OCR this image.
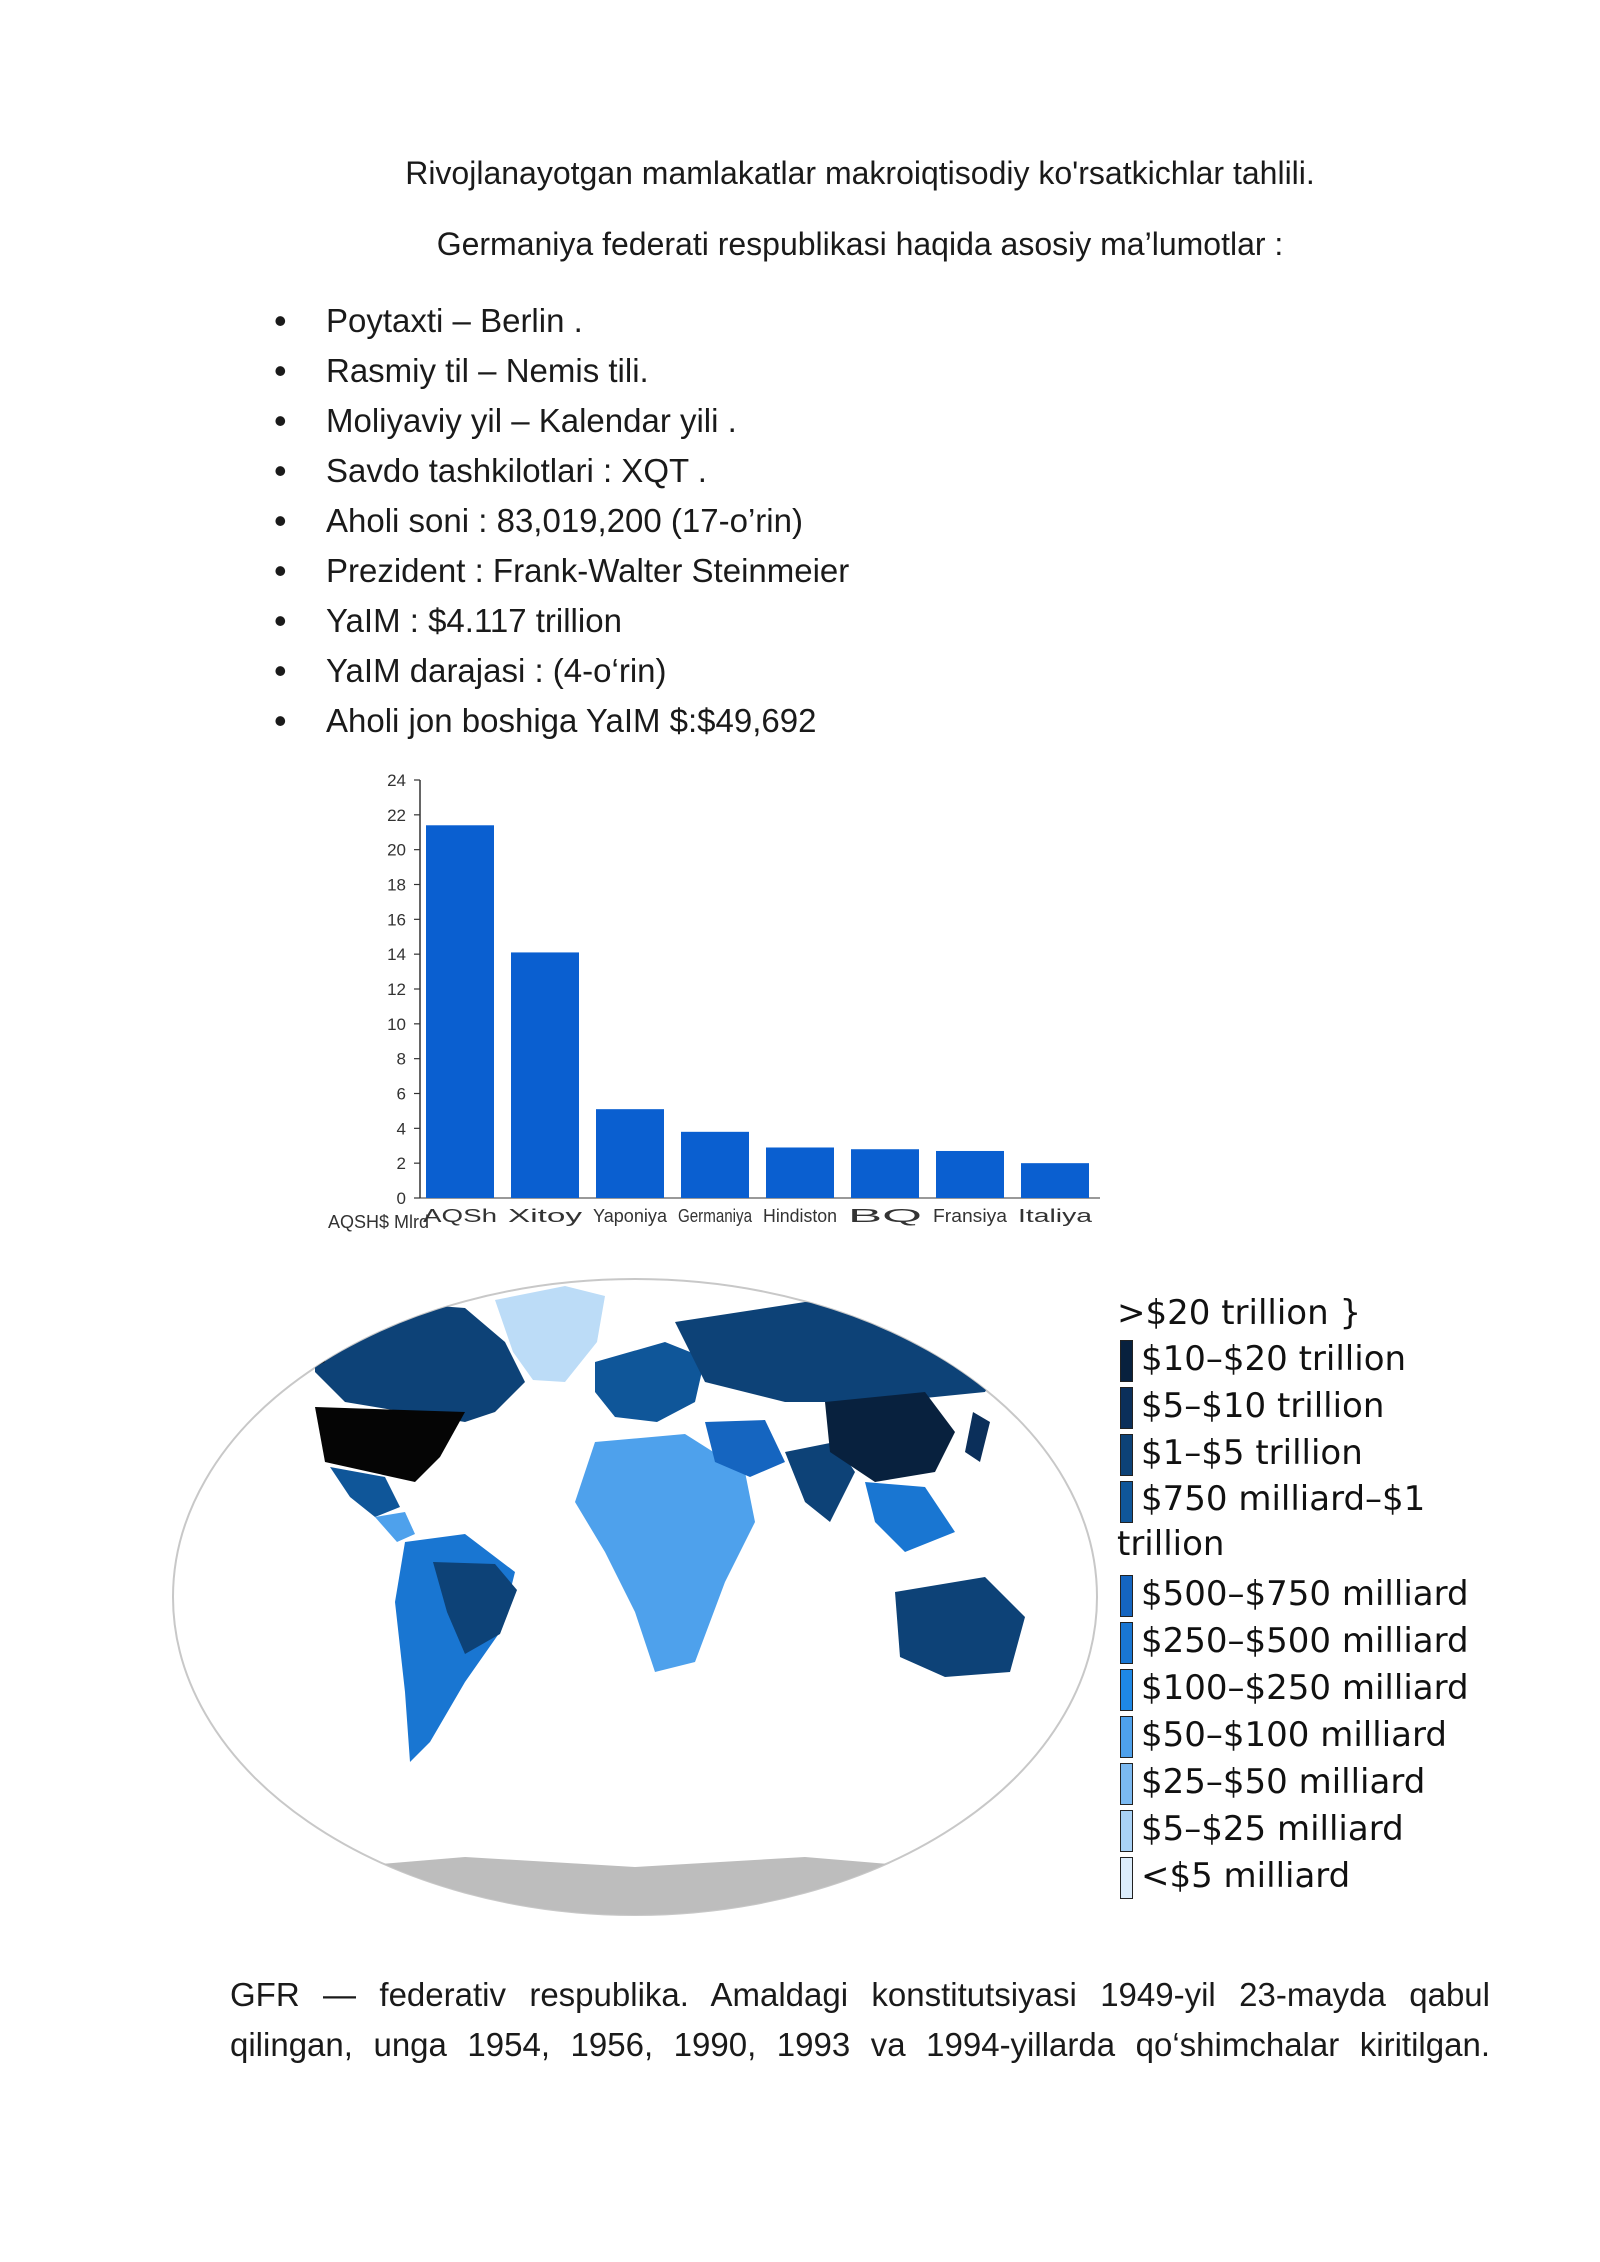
Rivojlanayotgan mamlakatlar makroiqtisodiy ko'rsatkichlar tahlili.
Germaniya federati respublikasi haqida asosiy ma’lumotlar :
• Poytaxti – Berlin .
• Rasmiy til – Nemis tili.
• Moliyaviy yil – Kalendar yili .
• Savdo tashkilotlari : XQT .
• Aholi soni : 83,019,200 (17-o’rin)
• Prezident : Frank-Walter Steinmeier
• YaIM : $4.117 trillion
• YaIM darajasi : (4-o‘rin)
• Aholi jon boshiga YaIM $:$49,692
0
2
4
6
8
10
12
14
16
18
20
22
24
AQSh Xitoy Yaponiya Germaniya Hindiston BQ Fransiya Italiya
AQSH$ Mlrd
>$20 trillion }
$10–$20 trillion
$5–$10 trillion
$1–$5 trillion
$750 milliard–$1 trillion
$500–$750 milliard
$250–$500 milliard
$100–$250 milliard
$50–$100 milliard
$25–$50 milliard
$5–$25 milliard
<$5 milliard

GFR — federativ respublika. Amaldagi konstitutsiyasi 1949-yil 23-mayda qabul

qilingan, unga 1954, 1956, 1990, 1993 va 1994-yillarda qo‘shimchalar kiritilgan.
